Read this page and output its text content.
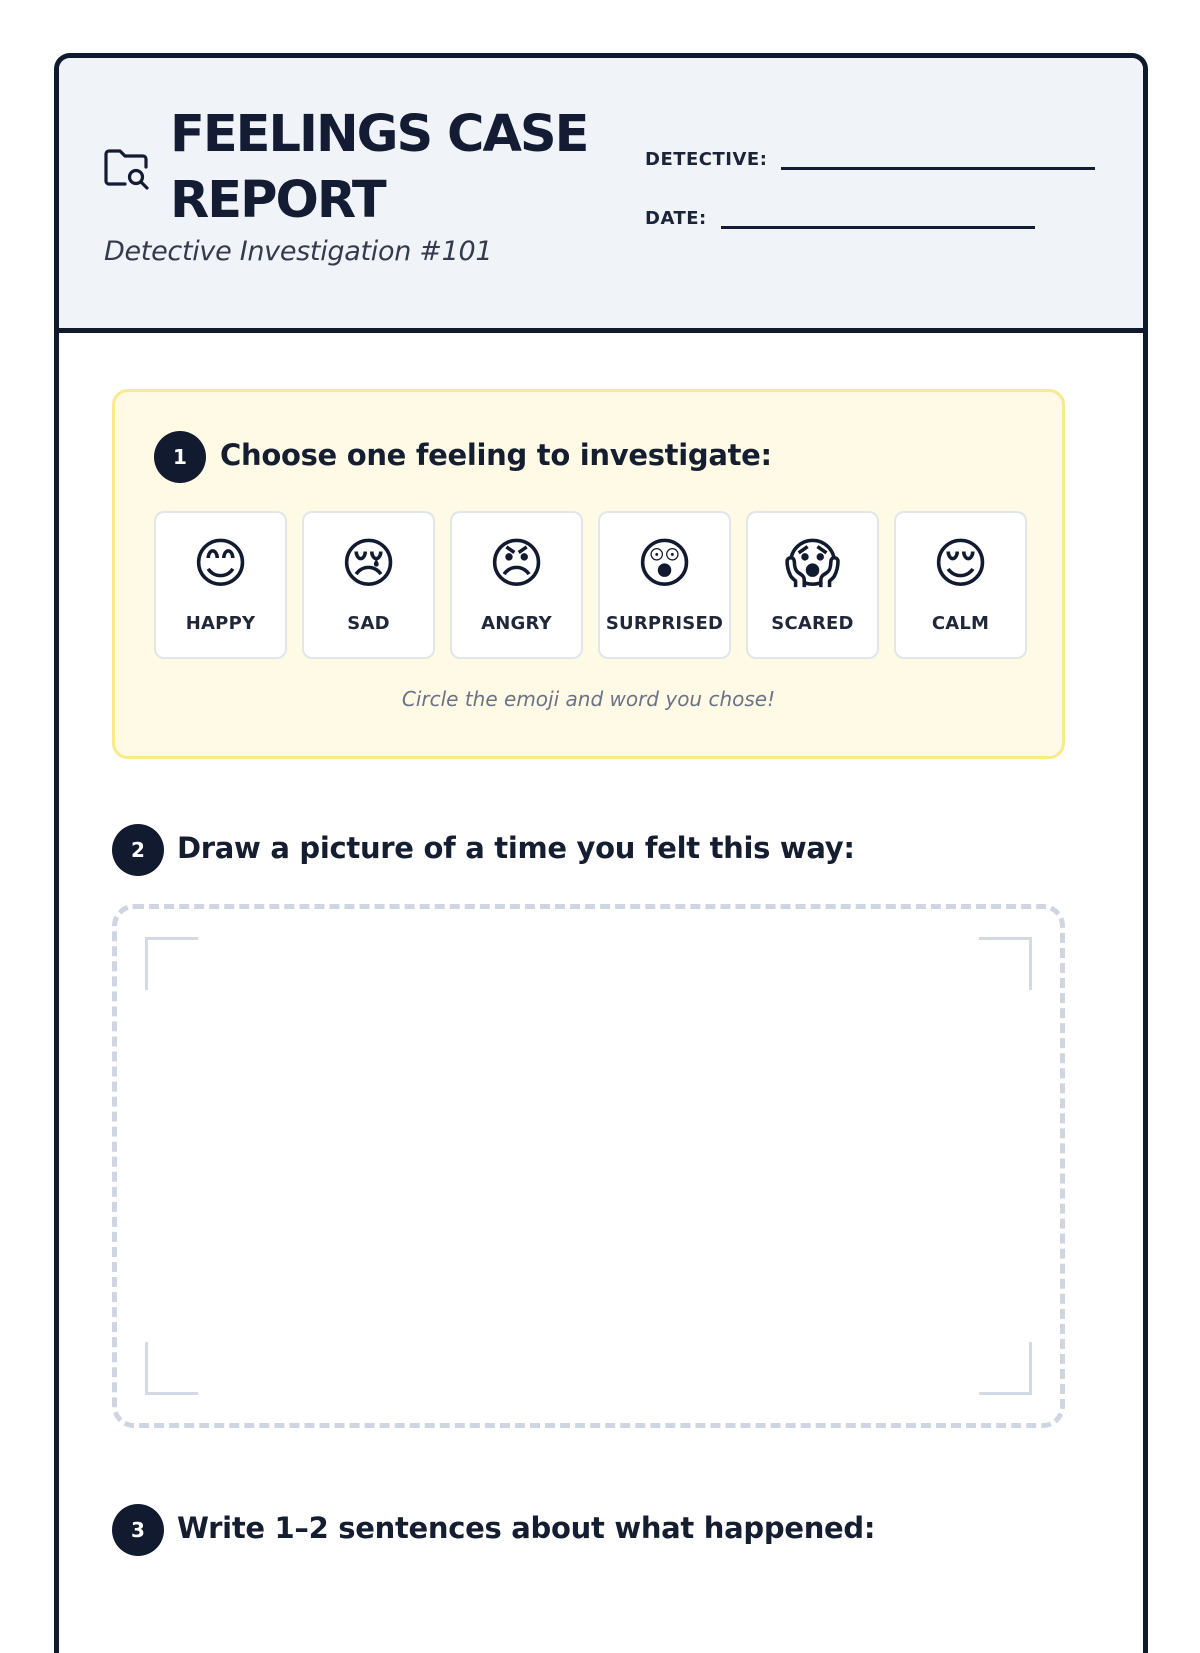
FEELINGS CASE REPORT
Detective Investigation #101
DETECTIVE:
DATE:
1	Choose one feeling to investigate:
😊
HAPPY
😢
SAD
😠
ANGRY
😲
SURPRISED
😱
SCARED
😌
CALM
Circle the emoji and word you chose!
2	Draw a picture of a time you felt this way:
3	Write 1–2 sentences about what happened:
